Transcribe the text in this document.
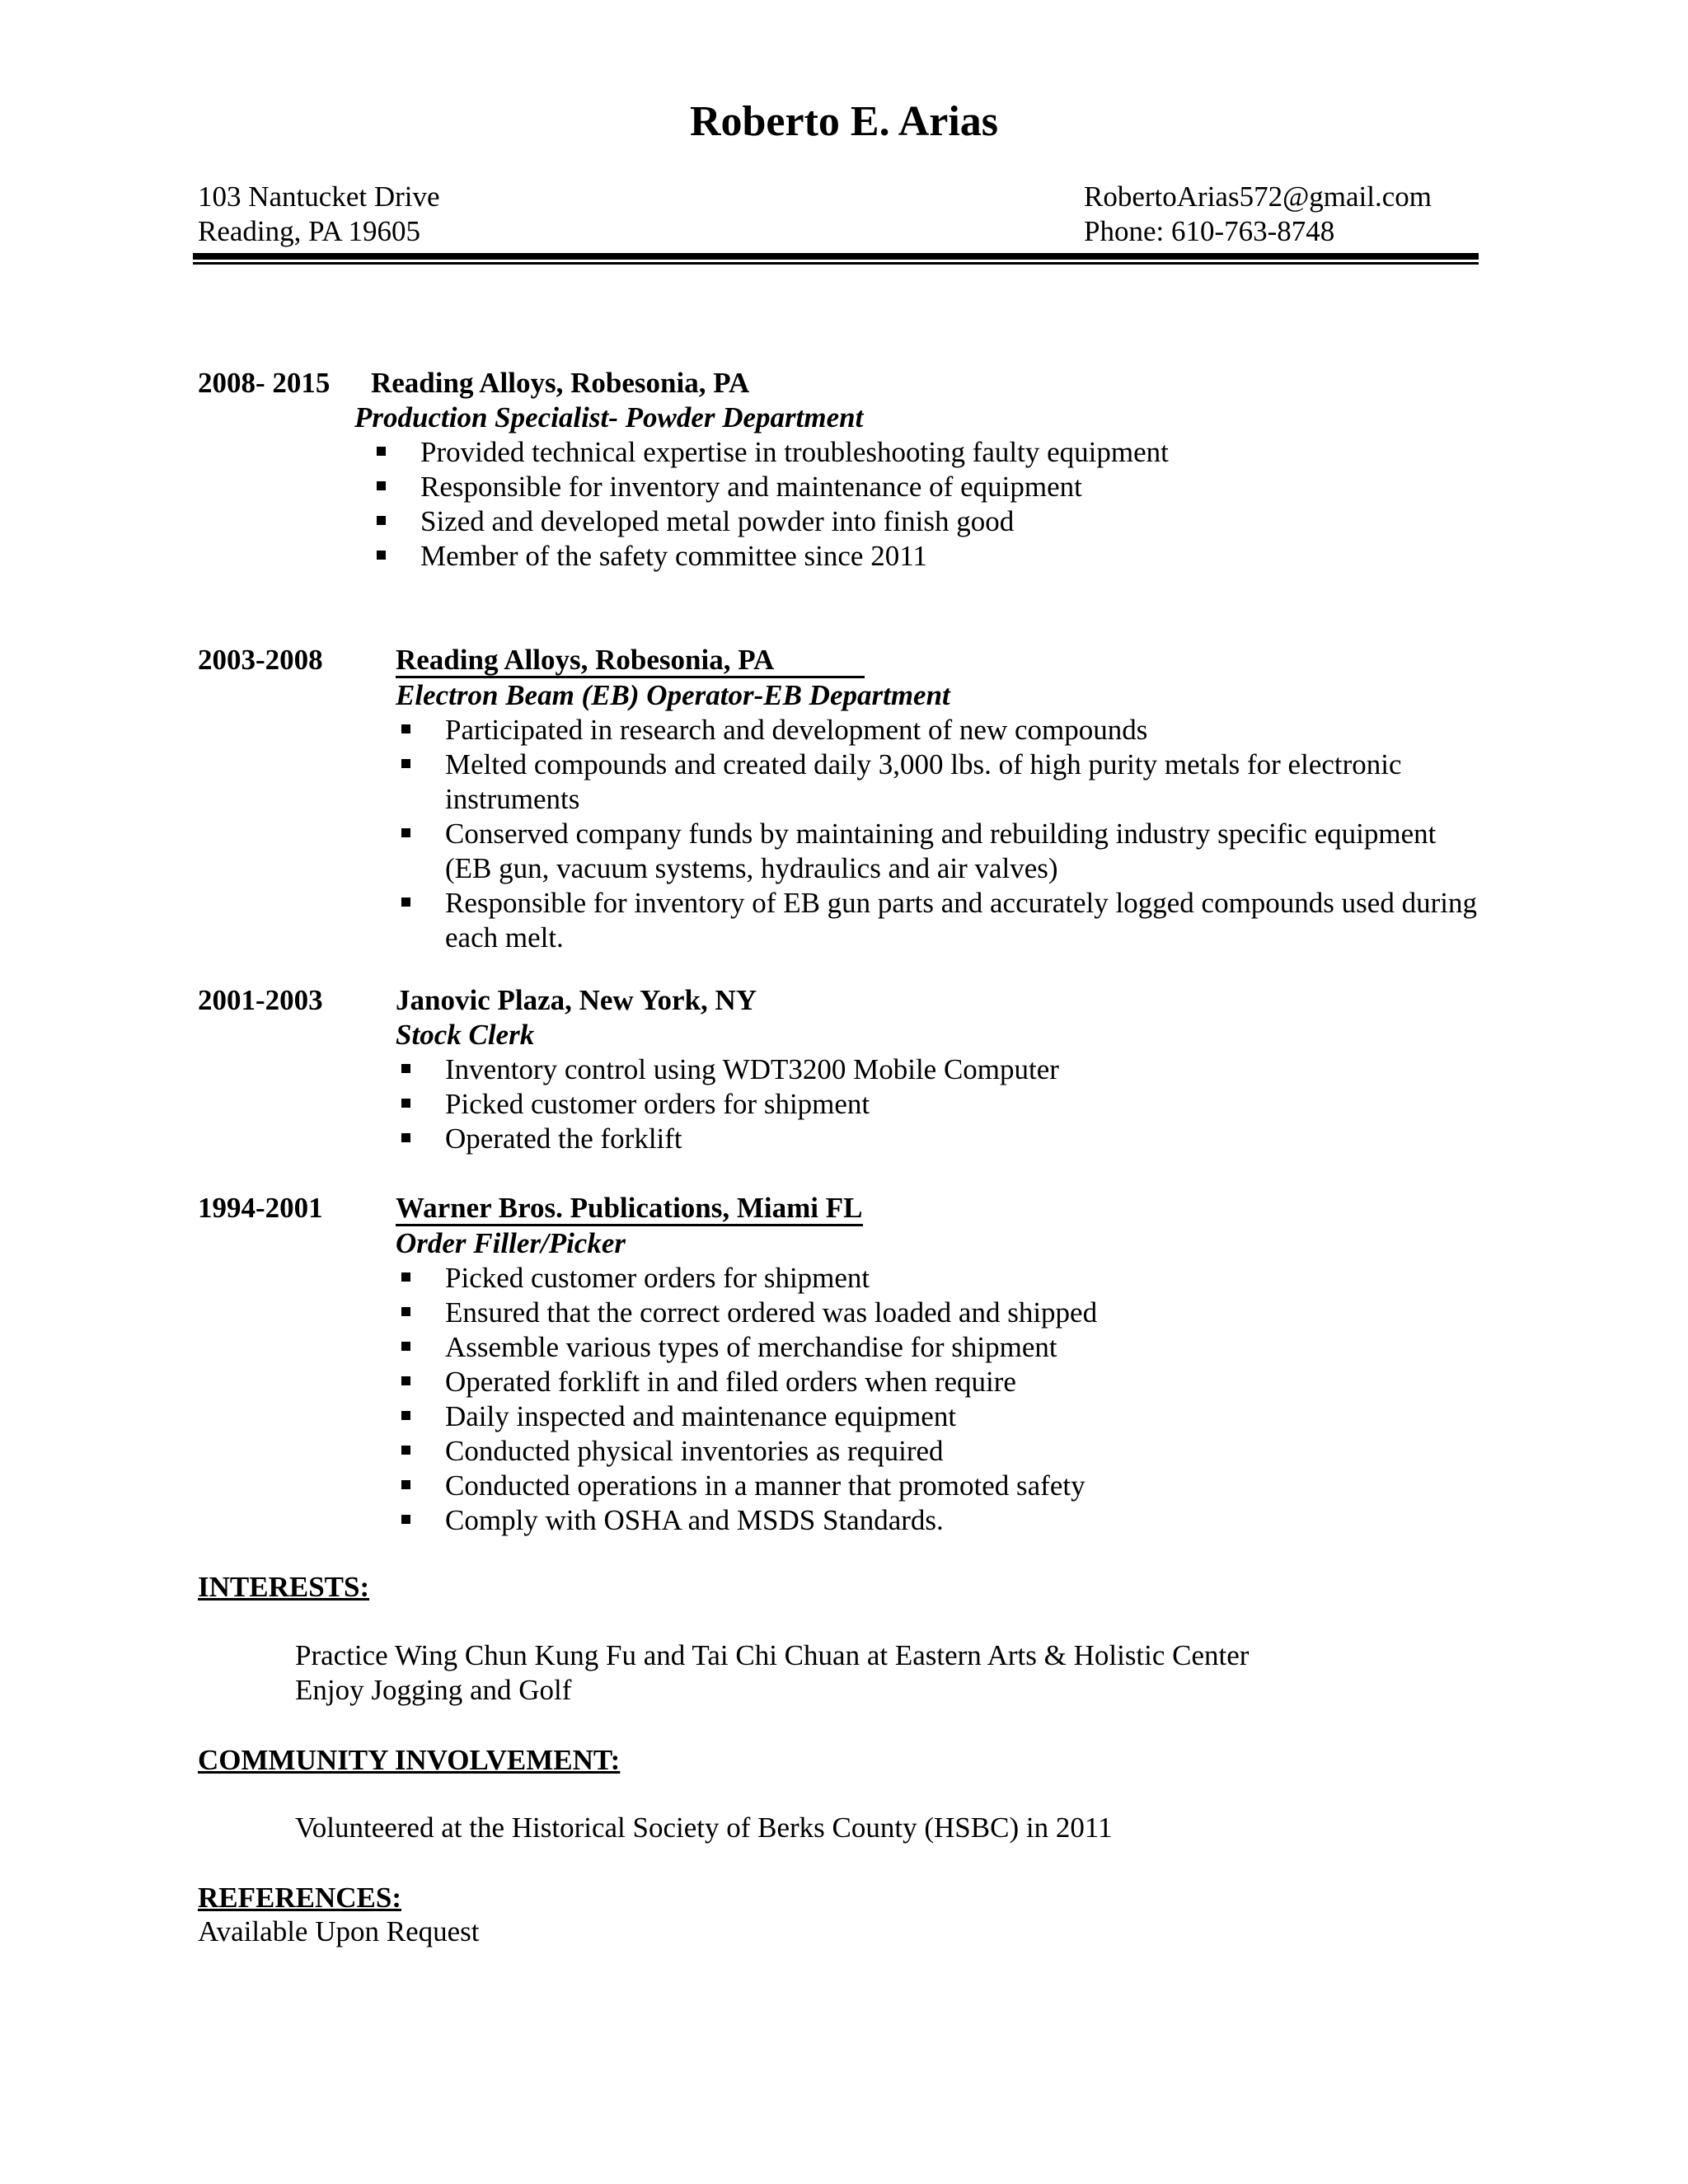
Roberto E. Arias
103 Nantucket Drive
Reading, PA 19605
RobertoArias572@gmail.com
Phone: 610-763-8748
2008- 2015 Reading Alloys, Robesonia, PA
Production Specialist- Powder Department
Provided technical expertise in troubleshooting faulty equipment
Responsible for inventory and maintenance of equipment
Sized and developed metal powder into finish good
Member of the safety committee since 2011
2003-2008	Reading Alloys, Robesonia, PA
Electron Beam (EB) Operator-EB Department
Participated in research and development of new compounds
Melted compounds and created daily 3,000 lbs. of high purity metals for electronic instruments
Conserved company funds by maintaining and rebuilding industry specific equipment (EB gun, vacuum systems, hydraulics and air valves)
Responsible for inventory of EB gun parts and accurately logged compounds used during each melt.
2001-2003	Janovic Plaza, New York, NY
Stock Clerk
Inventory control using WDT3200 Mobile Computer
Picked customer orders for shipment
Operated the forklift
1994-2001	Warner Bros. Publications, Miami FL
Order Filler/Picker
Picked customer orders for shipment
Ensured that the correct ordered was loaded and shipped
Assemble various types of merchandise for shipment
Operated forklift in and filed orders when require
Daily inspected and maintenance equipment
Conducted physical inventories as required
Conducted operations in a manner that promoted safety
Comply with OSHA and MSDS Standards.
INTERESTS:
Practice Wing Chun Kung Fu and Tai Chi Chuan at Eastern Arts & Holistic Center
Enjoy Jogging and Golf
COMMUNITY INVOLVEMENT:
Volunteered at the Historical Society of Berks County (HSBC) in 2011
REFERENCES:
Available Upon Request
